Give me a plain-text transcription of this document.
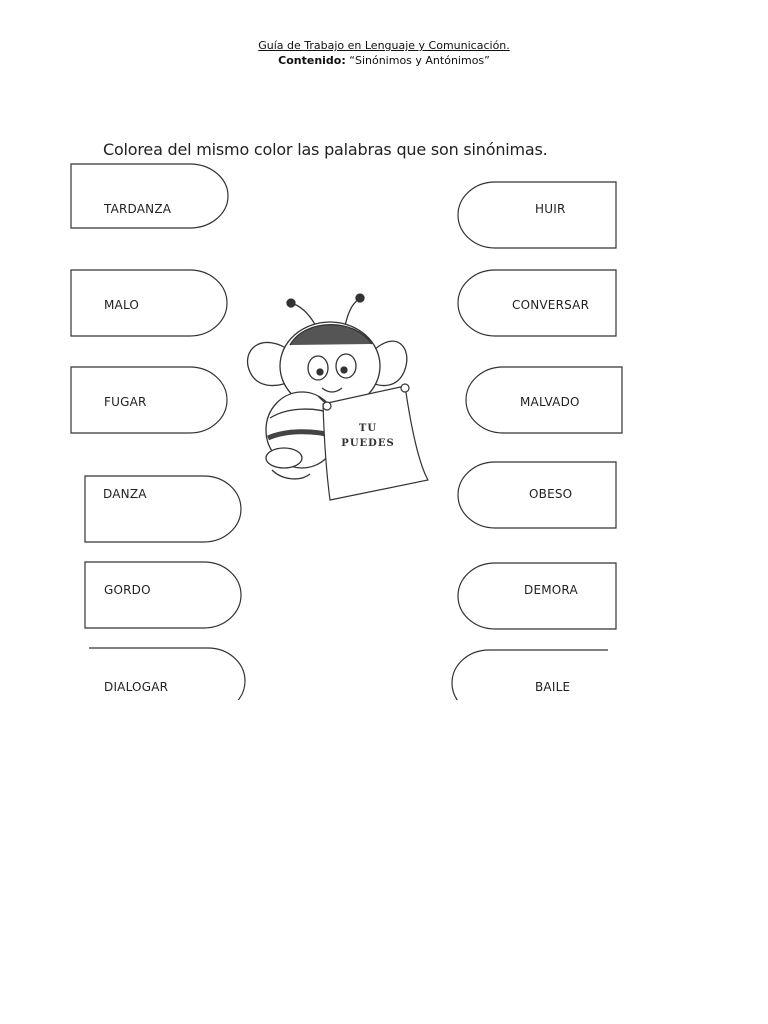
Guía de Trabajo en Lenguaje y Comunicación.
Contenido: “Sinónimos y Antónimos”
Colorea del mismo color las palabras que son sinónimas.
TU
PUEDES
TARDANZA
MALO
FUGAR
DANZA
GORDO
DIALOGAR
HUIR
CONVERSAR
MALVADO
OBESO
DEMORA
BAILE
